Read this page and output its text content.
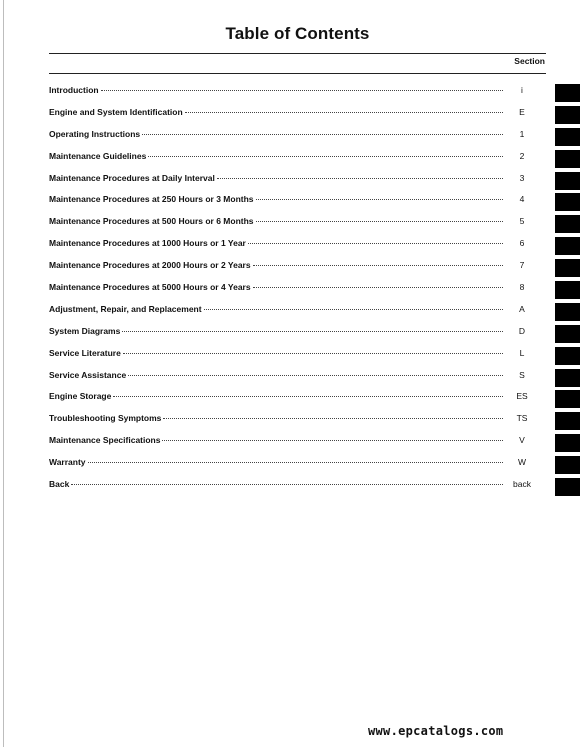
Table of Contents
Section
Introduction	i
Engine and System Identification	E
Operating Instructions	1
Maintenance Guidelines	2
Maintenance Procedures at Daily Interval	3
Maintenance Procedures at 250 Hours or 3 Months	4
Maintenance Procedures at 500 Hours or 6 Months	5
Maintenance Procedures at 1000 Hours or 1 Year	6
Maintenance Procedures at 2000 Hours or 2 Years	7
Maintenance Procedures at 5000 Hours or 4 Years	8
Adjustment, Repair, and Replacement	A
System Diagrams	D
Service Literature	L
Service Assistance	S
Engine Storage	ES
Troubleshooting Symptoms	TS
Maintenance Specifications	V
Warranty	W
Back	back
www.epcatalogs.com
